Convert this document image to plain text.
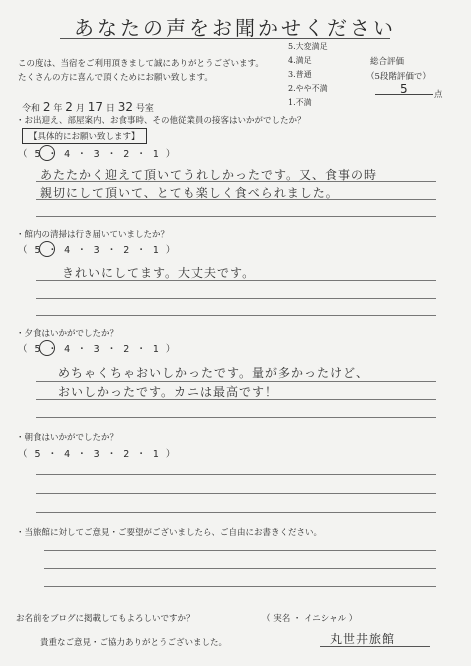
あなたの声をお聞かせください
この度は、当宿をご利用頂きまして誠にありがとうございます。
たくさんの方に喜んで頂くためにお願い致します。
5.大変満足
4.満足
3.普通
2.やや不満
1.不満
総合評価
（5段階評価で）
5	点
令和 2 年 2 月 17 日 32 号室
・お出迎え、部屋案内、お食事時、その他従業員の接客はいかがでしたか？
【具体的にお願い致します】
（ 5 ・ 4 ・ 3 ・ 2 ・ 1 ）
あたたかく迎えて頂いてうれしかったです。又、食事の時
親切にして頂いて、とても楽しく食べられました。
・館内の清掃は行き届いていましたか？
（ 5 ・ 4 ・ 3 ・ 2 ・ 1 ）
きれいにしてます。大丈夫です。
・夕食はいかがでしたか？
（ 5 ・ 4 ・ 3 ・ 2 ・ 1 ）
めちゃくちゃおいしかったです。量が多かったけど、
おいしかったです。カニは最高です！
・朝食はいかがでしたか？
（ 5 ・ 4 ・ 3 ・ 2 ・ 1 ）
・当旅館に対してご意見・ご要望がございましたら、ご自由にお書きください。
お名前をブログに掲載してもよろしいですか？	（ 実名 ・ イニシャル ）
貴重なご意見・ご協力ありがとうございました。	丸世井旅館
